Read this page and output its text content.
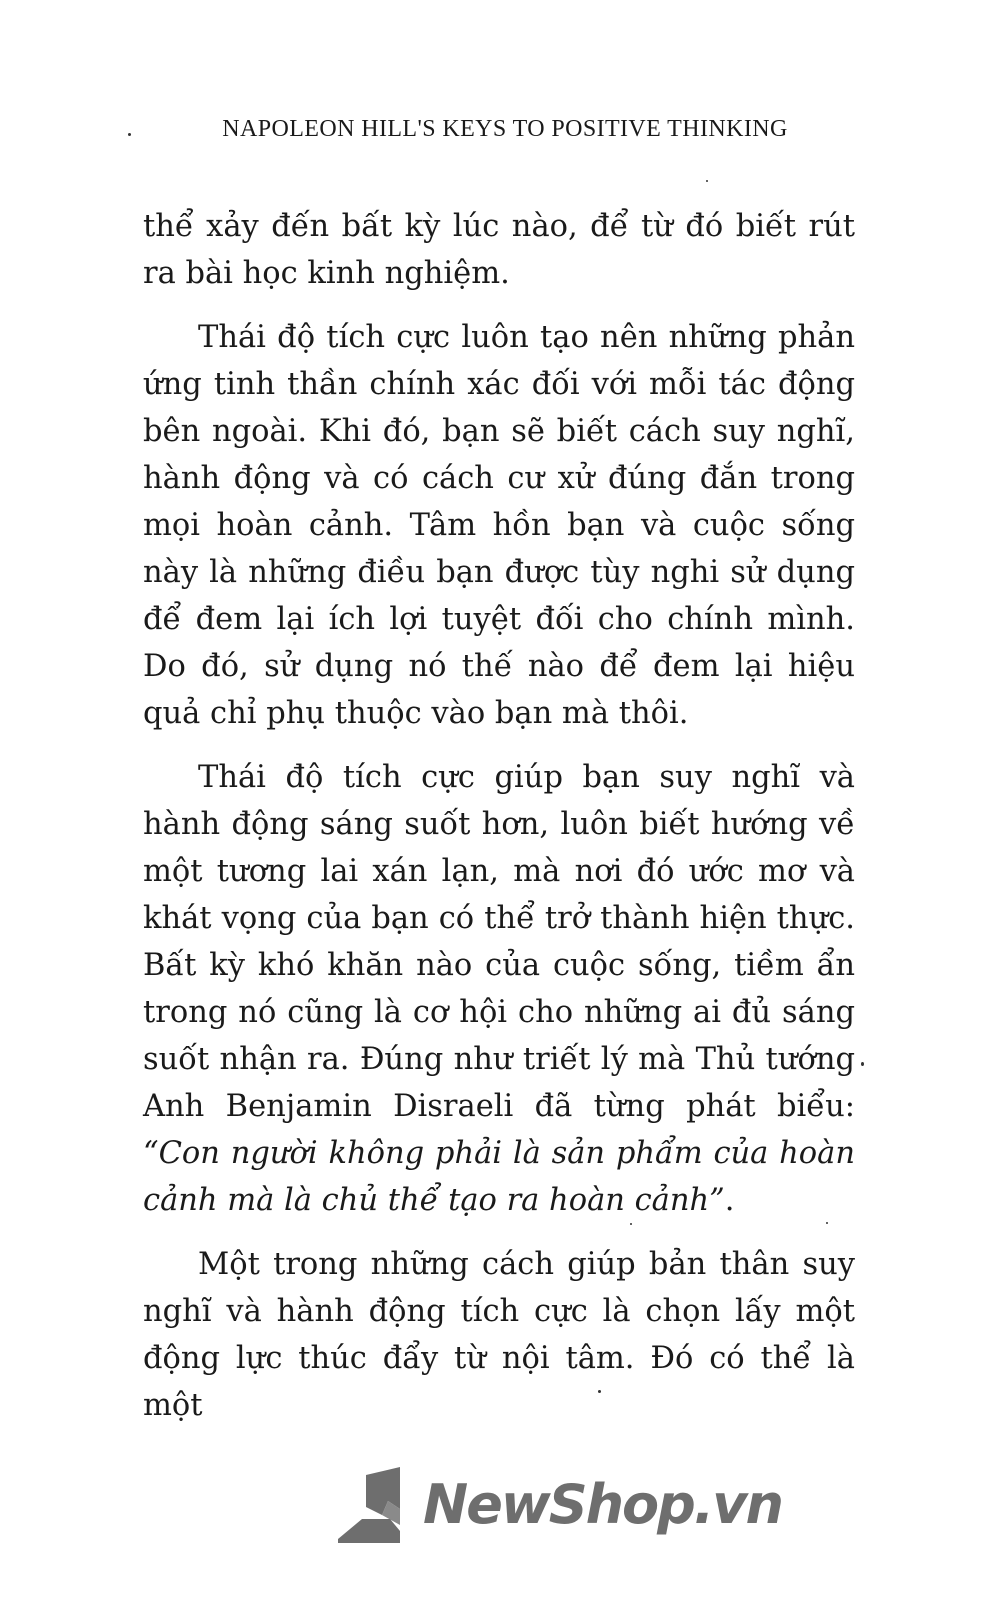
NAPOLEON HILL'S KEYS TO POSITIVE THINKING

thể xảy đến bất kỳ lúc nào, để từ đó biết rút ra bài học kinh nghiệm.

Thái độ tích cực luôn tạo nên những phản ứng tinh thần chính xác đối với mỗi tác động bên ngoài. Khi đó, bạn sẽ biết cách suy nghĩ, hành động và có cách cư xử đúng đắn trong mọi hoàn cảnh. Tâm hồn bạn và cuộc sống này là những điều bạn được tùy nghi sử dụng để đem lại ích lợi tuyệt đối cho chính mình. Do đó, sử dụng nó thế nào để đem lại hiệu quả chỉ phụ thuộc vào bạn mà thôi.

Thái độ tích cực giúp bạn suy nghĩ và hành động sáng suốt hơn, luôn biết hướng về một tương lai xán lạn, mà nơi đó ước mơ và khát vọng của bạn có thể trở thành hiện thực. Bất kỳ khó khăn nào của cuộc sống, tiềm ẩn trong nó cũng là cơ hội cho những ai đủ sáng suốt nhận ra. Đúng như triết lý mà Thủ tướng Anh Benjamin Disraeli đã từng phát biểu: “Con người không phải là sản phẩm của hoàn cảnh mà là chủ thể tạo ra hoàn cảnh”.

Một trong những cách giúp bản thân suy nghĩ và hành động tích cực là chọn lấy một động lực thúc đẩy từ nội tâm. Đó có thể là một

NewShop.vn
